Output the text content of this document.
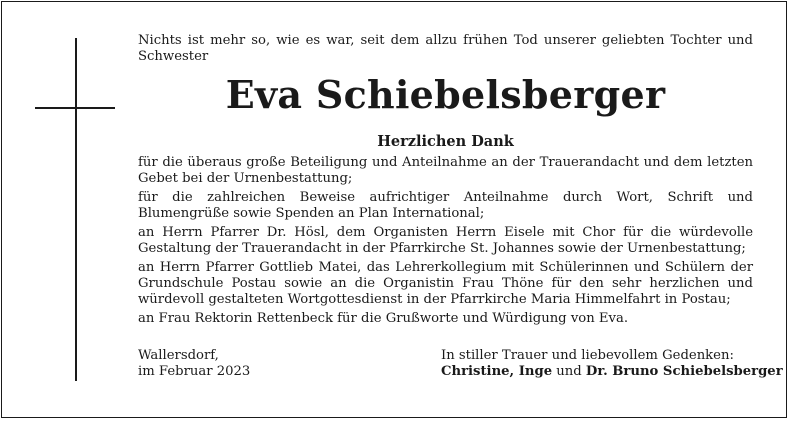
Nichts ist mehr so, wie es war, seit dem allzu frühen Tod unserer geliebten Tochter und Schwester

Eva Schiebelsberger
Herzlichen Dank

für die überaus große Beteiligung und Anteilnahme an der Trauerandacht und dem letzten Gebet bei der Urnenbestattung;

für die zahlreichen Beweise aufrichtiger Anteilnahme durch Wort, Schrift und Blumengrüße sowie Spenden an Plan International;

an Herrn Pfarrer Dr. Hösl, dem Organisten Herrn Eisele mit Chor für die würdevolle Gestaltung der Trauerandacht in der Pfarrkirche St. Johannes sowie der Urnenbestattung;

an Herrn Pfarrer Gottlieb Matei, das Lehrerkollegium mit Schülerinnen und Schülern der Grundschule Postau sowie an die Organistin Frau Thöne für den sehr herzlichen und würdevoll gestalteten Wortgottesdienst in der Pfarrkirche Maria Himmelfahrt in Postau;

an Frau Rektorin Rettenbeck für die Grußworte und Würdigung von Eva.

Wallersdorf,
im Februar 2023
In stiller Trauer und liebevollem Gedenken:
Christine, Inge und Dr. Bruno Schiebelsberger
